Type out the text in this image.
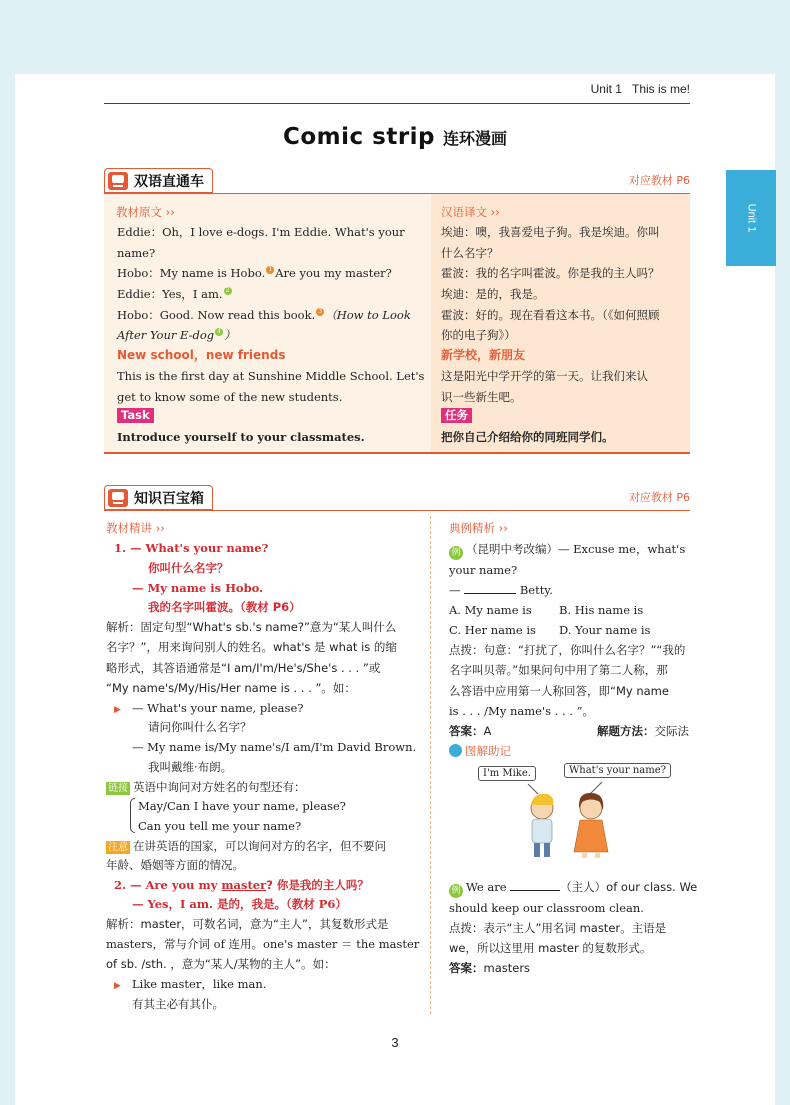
Unit 1 This is me!
Unit 1
Comic strip 连环漫画
双语直通车	对应教材 P6
教材原文 ››
Eddie：Oh，I love e-dogs. I'm Eddie. What's your
name?
Hobo：My name is Hobo. 1 Are you my master?
Eddie：Yes，I am. 2
Hobo：Good. Now read this book. 3 （How to Look
After Your E-dog 4 ）
New school，new friends
This is the first day at Sunshine Middle School. Let's
get to know some of the new students.
Task
Introduce yourself to your classmates.
汉语译文 ››
埃迪：噢，我喜爱电子狗。我是埃迪。你叫
什么名字？
霍波：我的名字叫霍波。你是我的主人吗？
埃迪：是的，我是。
霍波：好的。现在看看这本书。（《如何照顾
你的电子狗》）
新学校，新朋友
这是阳光中学开学的第一天。让我们来认
识一些新生吧。
任务
把你自己介绍给你的同班同学们。
知识百宝箱	对应教材 P6
教材精讲 ››
1. — What's your name?
你叫什么名字？
— My name is Hobo.
我的名字叫霍波。（教材 P6）
解析：固定句型“What's sb.'s name?”意为“某人叫什么
名字？”，用来询问别人的姓名。what's 是 what is 的缩
略形式，其答语通常是“I am/I'm/He's/She's . . . ”或
“My name's/My/His/Her name is . . . ”。如：
▶ — What's your name, please?
请问你叫什么名字？
— My name is/My name's/I am/I'm David Brown.
我叫戴维·布朗。
链接 英语中询问对方姓名的句型还有：
May/Can I have your name, please?
Can you tell me your name?
注意 在讲英语的国家，可以询问对方的名字，但不要问
年龄、婚姻等方面的情况。
2. — Are you my master? 你是我的主人吗？
— Yes，I am. 是的，我是。（教材 P6）
解析：master，可数名词，意为“主人”，其复数形式是
masters，常与介词 of 连用。one's master ＝ the master
of sb. /sth. ，意为“某人/某物的主人”。如：
▶ Like master，like man.
有其主必有其仆。
典例精析 ››
例 （昆明中考改编）— Excuse me，what's
your name?
—	Betty.
A. My name is B. His name is
C. Her name is D. Your name is
点拨：句意：“打扰了，你叫什么名字？”“我的
名字叫贝蒂。”如果问句中用了第二人称，那
么答语中应用第一人称回答，即“My name
is . . . /My name's . . . ”。
答案：A	解题方法：交际法
图解助记
I'm Mike.	What's your name?
例 We are	（主人）of our class. We
should keep our classroom clean.
点拨：表示“主人”用名词 master。主语是
we，所以这里用 master 的复数形式。
答案：masters
3
